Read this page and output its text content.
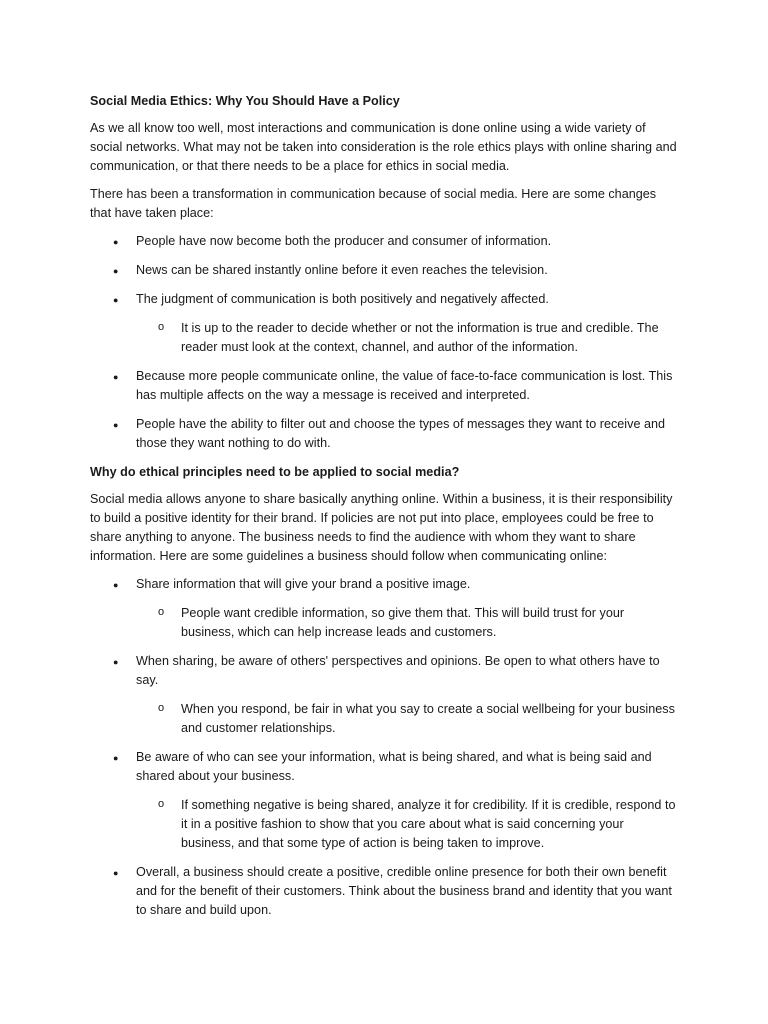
Social Media Ethics: Why You Should Have a Policy

As we all know too well, most interactions and communication is done online using a wide variety of social networks. What may not be taken into consideration is the role ethics plays with online sharing and communication, or that there needs to be a place for ethics in social media.

There has been a transformation in communication because of social media. Here are some changes that have taken place:

● People have now become both the producer and consumer of information.
● News can be shared instantly online before it even reaches the television.
● The judgment of communication is both positively and negatively affected.
o It is up to the reader to decide whether or not the information is true and credible. The reader must look at the context, channel, and author of the information.
● Because more people communicate online, the value of face-to-face communication is lost. This has multiple affects on the way a message is received and interpreted.
● People have the ability to filter out and choose the types of messages they want to receive and those they want nothing to do with.

Why do ethical principles need to be applied to social media?

Social media allows anyone to share basically anything online. Within a business, it is their responsibility to build a positive identity for their brand. If policies are not put into place, employees could be free to share anything to anyone. The business needs to find the audience with whom they want to share information. Here are some guidelines a business should follow when communicating online:

● Share information that will give your brand a positive image.
o People want credible information, so give them that. This will build trust for your business, which can help increase leads and customers.
● When sharing, be aware of others' perspectives and opinions. Be open to what others have to say.
o When you respond, be fair in what you say to create a social wellbeing for your business and customer relationships.
● Be aware of who can see your information, what is being shared, and what is being said and shared about your business.
o If something negative is being shared, analyze it for credibility. If it is credible, respond to it in a positive fashion to show that you care about what is said concerning your business, and that some type of action is being taken to improve.
● Overall, a business should create a positive, credible online presence for both their own benefit and for the benefit of their customers. Think about the business brand and identity that you want to share and build upon.
